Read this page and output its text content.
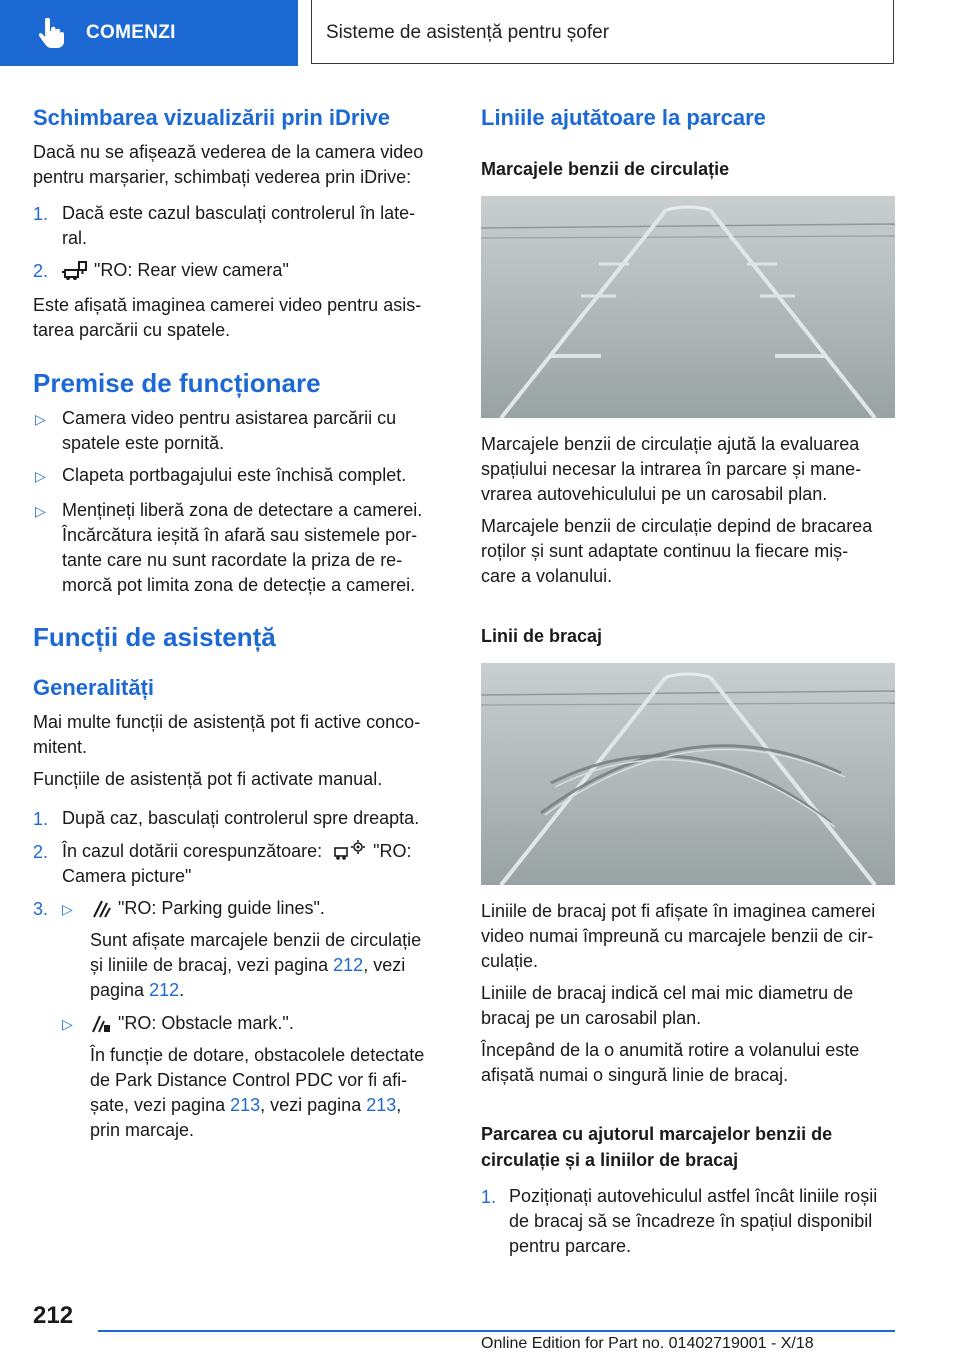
COMENZI	Sisteme de asistență pentru șofer
Schimbarea vizualizării prin iDrive
Dacă nu se afișează vederea de la camera video
pentru marșarier, schimbați vederea prin iDrive:
1. Dacă este cazul basculați controlerul în late-
ral.
2.	"RO: Rear view camera"
Este afișată imaginea camerei video pentru asis-
tarea parcării cu spatele.
Premise de funcționare
▷ Camera video pentru asistarea parcării cu
spatele este pornită.
▷ Clapeta portbagajului este închisă complet.
▷ Mențineți liberă zona de detectare a camerei.
Încărcătura ieșită în afară sau sistemele por-
tante care nu sunt racordate la priza de re-
morcă pot limita zona de detecție a camerei.
Funcții de asistență
Generalități
Mai multe funcții de asistență pot fi active conco-
mitent.
Funcțiile de asistență pot fi activate manual.
1. După caz, basculați controlerul spre dreapta.
2. În cazul dotării corespunzătoare:	"RO:
Camera picture"
3. ▷	"RO: Parking guide lines".
Sunt afișate marcajele benzii de circulație
și liniile de bracaj, vezi pagina 212, vezi
pagina 212.
▷	"RO: Obstacle mark.".
În funcție de dotare, obstacolele detectate
de Park Distance Control PDC vor fi afi-
șate, vezi pagina 213, vezi pagina 213,
prin marcaje.
Liniile ajutătoare la parcare
Marcajele benzii de circulație
Marcajele benzii de circulație ajută la evaluarea
spațiului necesar la intrarea în parcare și mane-
vrarea autovehiculului pe un carosabil plan.
Marcajele benzii de circulație depind de bracarea
roților și sunt adaptate continuu la fiecare miș-
care a volanului.
Linii de bracaj
Liniile de bracaj pot fi afișate în imaginea camerei
video numai împreună cu marcajele benzii de cir-
culație.
Liniile de bracaj indică cel mai mic diametru de
bracaj pe un carosabil plan.
Începând de la o anumită rotire a volanului este
afișată numai o singură linie de bracaj.
Parcarea cu ajutorul marcajelor benzii de
circulație și a liniilor de bracaj
1. Poziționați autovehiculul astfel încât liniile roșii
de bracaj să se încadreze în spațiul disponibil
pentru parcare.
212
Online Edition for Part no. 01402719001 - X/18
